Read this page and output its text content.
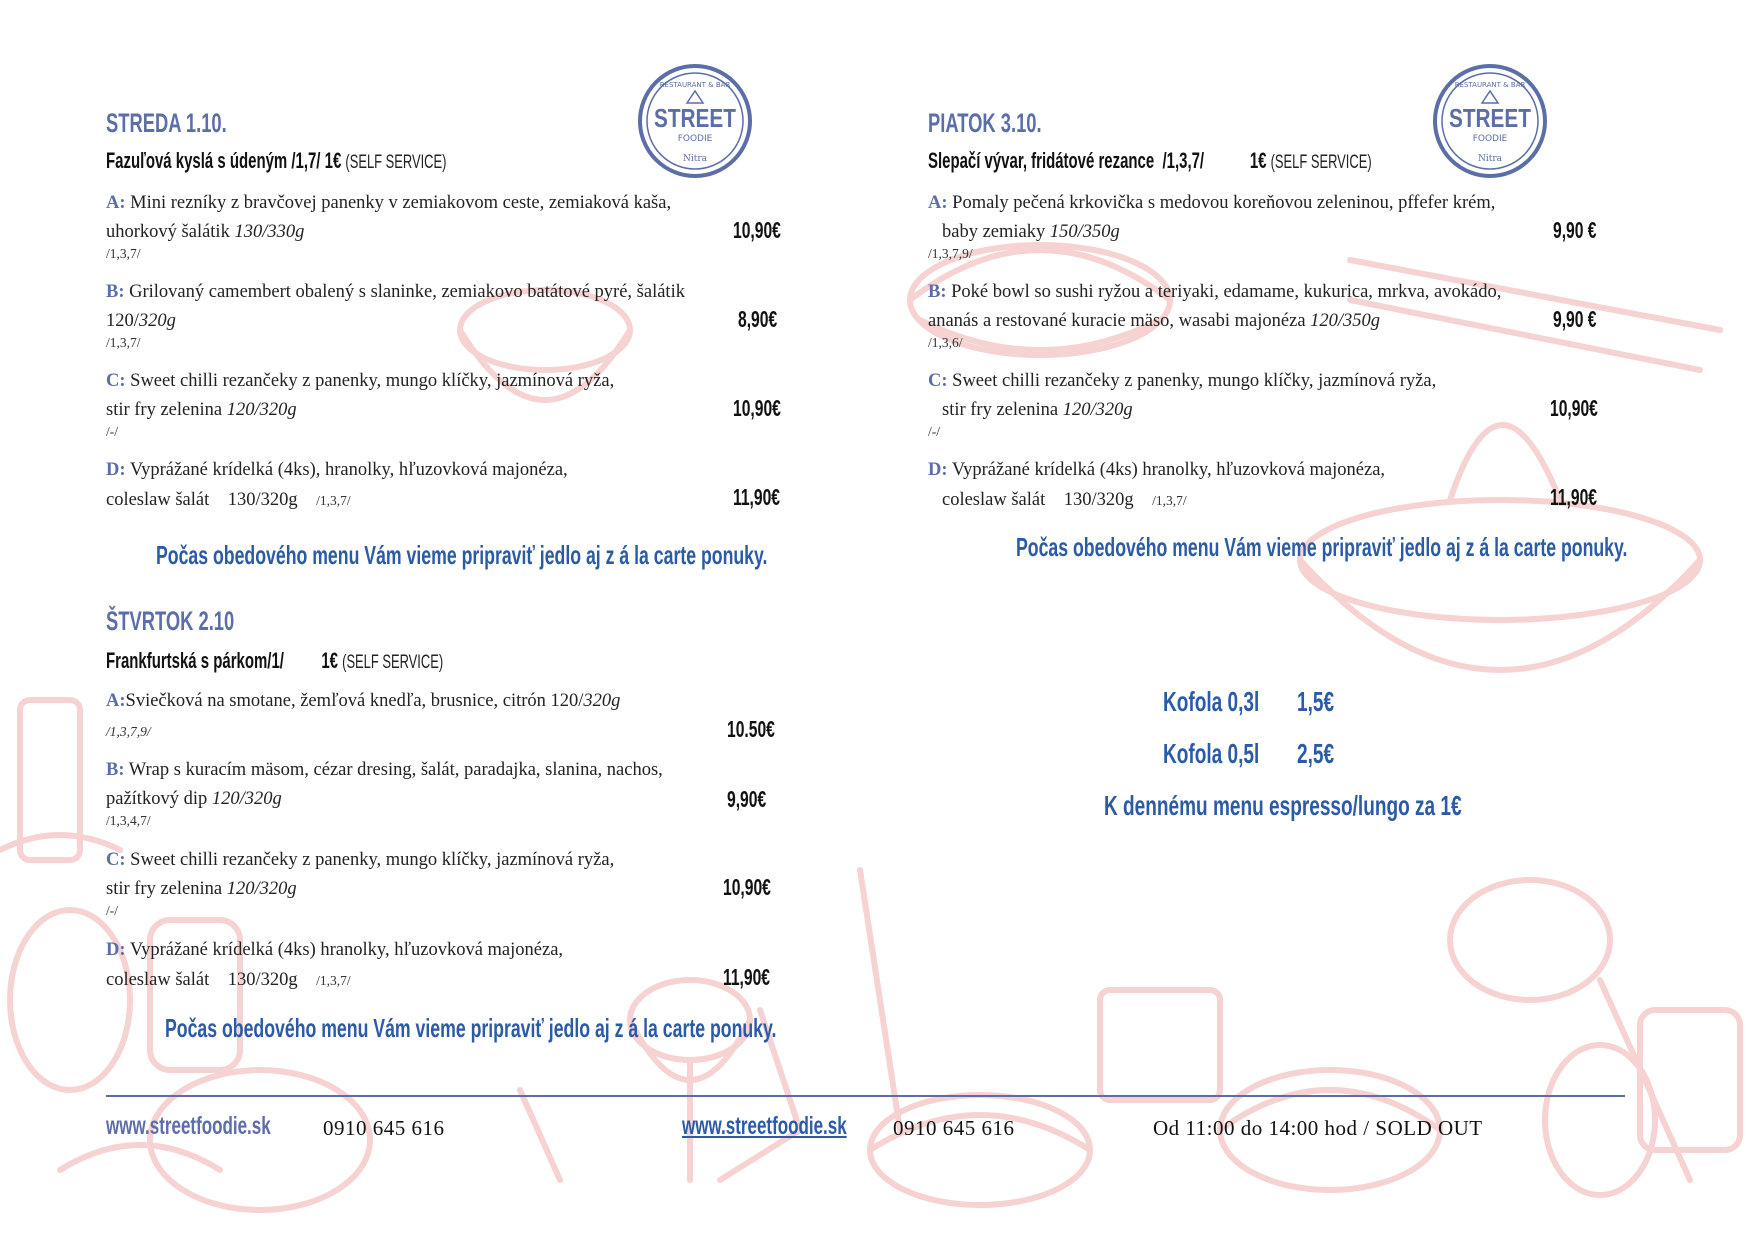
RESTAURANT & BAR
STREET
FOODIE
Nitra
RESTAURANT & BAR
STREET
FOODIE
Nitra
STREDA 1.10.
Fazuľová kyslá s údeným /1,7/ 1€ (SELF SERVICE)
A: Mini rezníky z bravčovej panenky v zemiakovom ceste, zemiaková kaša,
uhorkový šalátik 130/330g
/1,3,7/
10,90€
B: Grilovaný camembert obalený s slaninke, zemiakovo batátové pyré, šalátik
120/320g
/1,3,7/
8,90€
C: Sweet chilli rezančeky z panenky, mungo klíčky, jazmínová ryža,
stir fry zelenina 120/320g
/-/
10,90€
D: Vyprážané krídelká (4ks), hranolky, hľuzovková majonéza,
coleslaw šalát    130/320g /1,3,7/	11,90€
Počas obedového menu Vám vieme pripraviť jedlo aj z á la carte ponuky.
ŠTVRTOK 2.10
Frankfurtská s párkom/1/         1€ (SELF SERVICE)
A:Sviečková na smotane, žemľová knedľa, brusnice, citrón 120/320g
/1,3,7,9/	10.50€
B: Wrap s kuracím mäsom, cézar dresing, šalát, paradajka, slanina, nachos,
pažítkový dip 120/320g
/1,3,4,7/
9,90€
C: Sweet chilli rezančeky z panenky, mungo klíčky, jazmínová ryža,
stir fry zelenina 120/320g
/-/
10,90€
D: Vyprážané krídelká (4ks) hranolky, hľuzovková majonéza,
coleslaw šalát    130/320g /1,3,7/	11,90€
Počas obedového menu Vám vieme pripraviť jedlo aj z á la carte ponuky.
PIATOK 3.10.
Slepačí vývar, fridátové rezance  /1,3,7/ 1€ (SELF SERVICE)
A: Pomaly pečená krkovička s medovou koreňovou zeleninou, pffefer krém,
baby zemiaky 150/350g
/1,3,7,9/
9,90 €
B: Poké bowl so sushi ryžou a teriyaki, edamame, kukurica, mrkva, avokádo,
ananás a restované kuracie mäso, wasabi majonéza 120/350g
/1,3,6/
9,90 €
C: Sweet chilli rezančeky z panenky, mungo klíčky, jazmínová ryža,
stir fry zelenina 120/320g
/-/
10,90€
D: Vyprážané krídelká (4ks) hranolky, hľuzovková majonéza,
coleslaw šalát    130/320g /1,3,7/	11,90€
Počas obedového menu Vám vieme pripraviť jedlo aj z á la carte ponuky.
Kofola 0,3l 1,5€
Kofola 0,5l 2,5€
K dennému menu espresso/lungo za 1€
www.streetfoodie.sk 0910 645 616	www.streetfoodie.sk 0910 645 616	Od 11:00 do 14:00 hod / SOLD OUT
